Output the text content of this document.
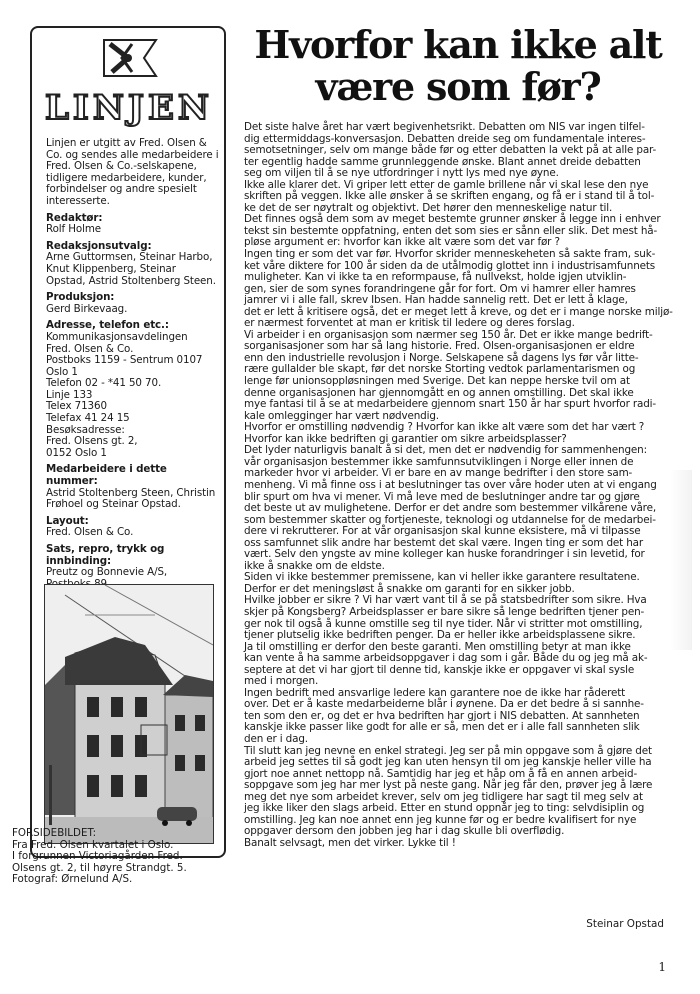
LINJEN
Linjen er utgitt av Fred. Olsen &
Co. og sendes alle medarbeidere i
Fred. Olsen & Co.-selskapene,
tidligere medarbeidere, kunder,
forbindelser og andre spesielt
interesserte.
Redaktør:
Rolf Holme
Redaksjonsutvalg:
Arne Guttormsen, Steinar Harbo,
Knut Klippenberg, Steinar
Opstad, Astrid Stoltenberg Steen.
Produksjon:
Gerd Birkevaag.
Adresse, telefon etc.:
Kommunikasjonsavdelingen
Fred. Olsen & Co.
Postboks 1159 - Sentrum 0107
Oslo 1
Telefon 02 - *41 50 70.
Linje 133
Telex 71360
Telefax 41 24 15
Besøksadresse:
Fred. Olsens gt. 2,
0152 Oslo 1
Medarbeidere i dette nummer:
Astrid Stoltenberg Steen, Christin
Frøhoel og Steinar Opstad.
Layout:
Fred. Olsen & Co.
Sats, repro, trykk og innbinding:
Preutz og Bonnevie A/S,
FORSIDEBILDET:
Fra Fred. Olsen kvartalet i Oslo.
I forgrunnen Victoriagården Fred.
Olsens gt. 2, til høyre Strandgt. 5.
Fotograf: Ørnelund A/S.
Hvorfor kan ikke alt
være som før?
Det siste halve året har vært begivenhetsrikt. Debatten om NIS var ingen tilfel-
dig ettermiddags-konversasjon. Debatten dreide seg om fundamentale interes-
semotsetninger, selv om mange både før og etter debatten la vekt på at alle par-
ter egentlig hadde samme grunnleggende ønske. Blant annet dreide debatten
seg om viljen til å se nye utfordringer i nytt lys med nye øyne.
Ikke alle klarer det. Vi griper lett etter de gamle brillene når vi skal lese den nye
skriften på veggen. Ikke alle ønsker å se skriften engang, og få er i stand til å tol-
ke det de ser nøytralt og objektivt. Det hører den menneskelige natur til.
Det finnes også dem som av meget bestemte grunner ønsker å legge inn i enhver
tekst sin bestemte oppfatning, enten det som sies er sånn eller slik. Det mest hå-
pløse argument er: hvorfor kan ikke alt være som det var før ?
Ingen ting er som det var før. Hvorfor skrider menneskeheten så sakte fram, suk-
ket våre diktere for 100 år siden da de utålmodig glottet inn i industrisamfunnets
muligheter. Kan vi ikke ta en reformpause, få nullvekst, holde igjen utviklin-
gen, sier de som synes forandringene går for fort. Om vi hamrer eller hamres
jamrer vi i alle fall, skrev Ibsen. Han hadde sannelig rett. Det er lett å klage,
det er lett å kritisere også, det er meget lett å kreve, og det er i mange norske miljø-
er nærmest forventet at man er kritisk til ledere og deres forslag.
Vi arbeider i en organisasjon som nærmer seg 150 år. Det er ikke mange bedrift-
sorganisasjoner som har så lang historie. Fred. Olsen-organisasjonen er eldre
enn den industrielle revolusjon i Norge. Selskapene så dagens lys før vår litte-
rære gullalder ble skapt, før det norske Storting vedtok parlamentarismen og
lenge før unionsoppløsningen med Sverige. Det kan neppe herske tvil om at
denne organisasjonen har gjennomgått en og annen omstilling. Det skal ikke
mye fantasi til å se at medarbeidere gjennom snart 150 år har spurt hvorfor radi-
kale omlegginger har vært nødvendig.
Hvorfor er omstilling nødvendig ? Hvorfor kan ikke alt være som det har vært ?
Hvorfor kan ikke bedriften gi garantier om sikre arbeidsplasser?
Det lyder naturligvis banalt å si det, men det er nødvendig for sammenhengen:
vår organisasjon bestemmer ikke samfunnsutviklingen i Norge eller innen de
markeder hvor vi arbeider. Vi er bare en av mange bedrifter i den store sam-
menheng. Vi må finne oss i at beslutninger tas over våre hoder uten at vi engang
blir spurt om hva vi mener. Vi må leve med de beslutninger andre tar og gjøre
det beste ut av mulighetene. Derfor er det andre som bestemmer vilkårene våre,
som bestemmer skatter og fortjeneste, teknologi og utdannelse for de medarbei-
dere vi rekrutterer. For at vår organisasjon skal kunne eksistere, må vi tilpasse
oss samfunnet slik andre har bestemt det skal være. Ingen ting er som det har
vært. Selv den yngste av mine kolleger kan huske forandringer i sin levetid, for
ikke å snakke om de eldste.
Siden vi ikke bestemmer premissene, kan vi heller ikke garantere resultatene.
Derfor er det meningsløst å snakke om garanti for en sikker jobb.
Hvilke jobber er sikre ? Vi har vært vant til å se på statsbedrifter som sikre. Hva
skjer på Kongsberg? Arbeidsplasser er bare sikre så lenge bedriften tjener pen-
ger nok til også å kunne omstille seg til nye tider. Når vi stritter mot omstilling,
tjener plutselig ikke bedriften penger. Da er heller ikke arbeidsplassene sikre.
Ja til omstilling er derfor den beste garanti. Men omstilling betyr at man ikke
kan vente å ha samme arbeidsoppgaver i dag som i går. Både du og jeg må ak-
septere at det vi har gjort til denne tid, kanskje ikke er oppgaver vi skal sysle
med i morgen.
Ingen bedrift med ansvarlige ledere kan garantere noe de ikke har råderett
over. Det er å kaste medarbeiderne blår i øynene. Da er det bedre å si sannhe-
ten som den er, og det er hva bedriften har gjort i NIS debatten. At sannheten
kanskje ikke passer like godt for alle er så, men det er i alle fall sannheten slik
den er i dag.
Til slutt kan jeg nevne en enkel strategi. Jeg ser på min oppgave som å gjøre det
arbeid jeg settes til så godt jeg kan uten hensyn til om jeg kanskje heller ville ha
gjort noe annet nettopp nå. Samtidig har jeg et håp om å få en annen arbeid-
soppgave som jeg har mer lyst på neste gang. Når jeg får den, prøver jeg å lære
meg det nye som arbeidet krever, selv om jeg tidligere har sagt til meg selv at
jeg ikke liker den slags arbeid. Etter en stund oppnår jeg to ting: selvdisiplin og
omstilling. Jeg kan noe annet enn jeg kunne før og er bedre kvalifisert for nye
oppgaver dersom den jobben jeg har i dag skulle bli overflødig.
Banalt selvsagt, men det virker. Lykke til !
Steinar Opstad
1
